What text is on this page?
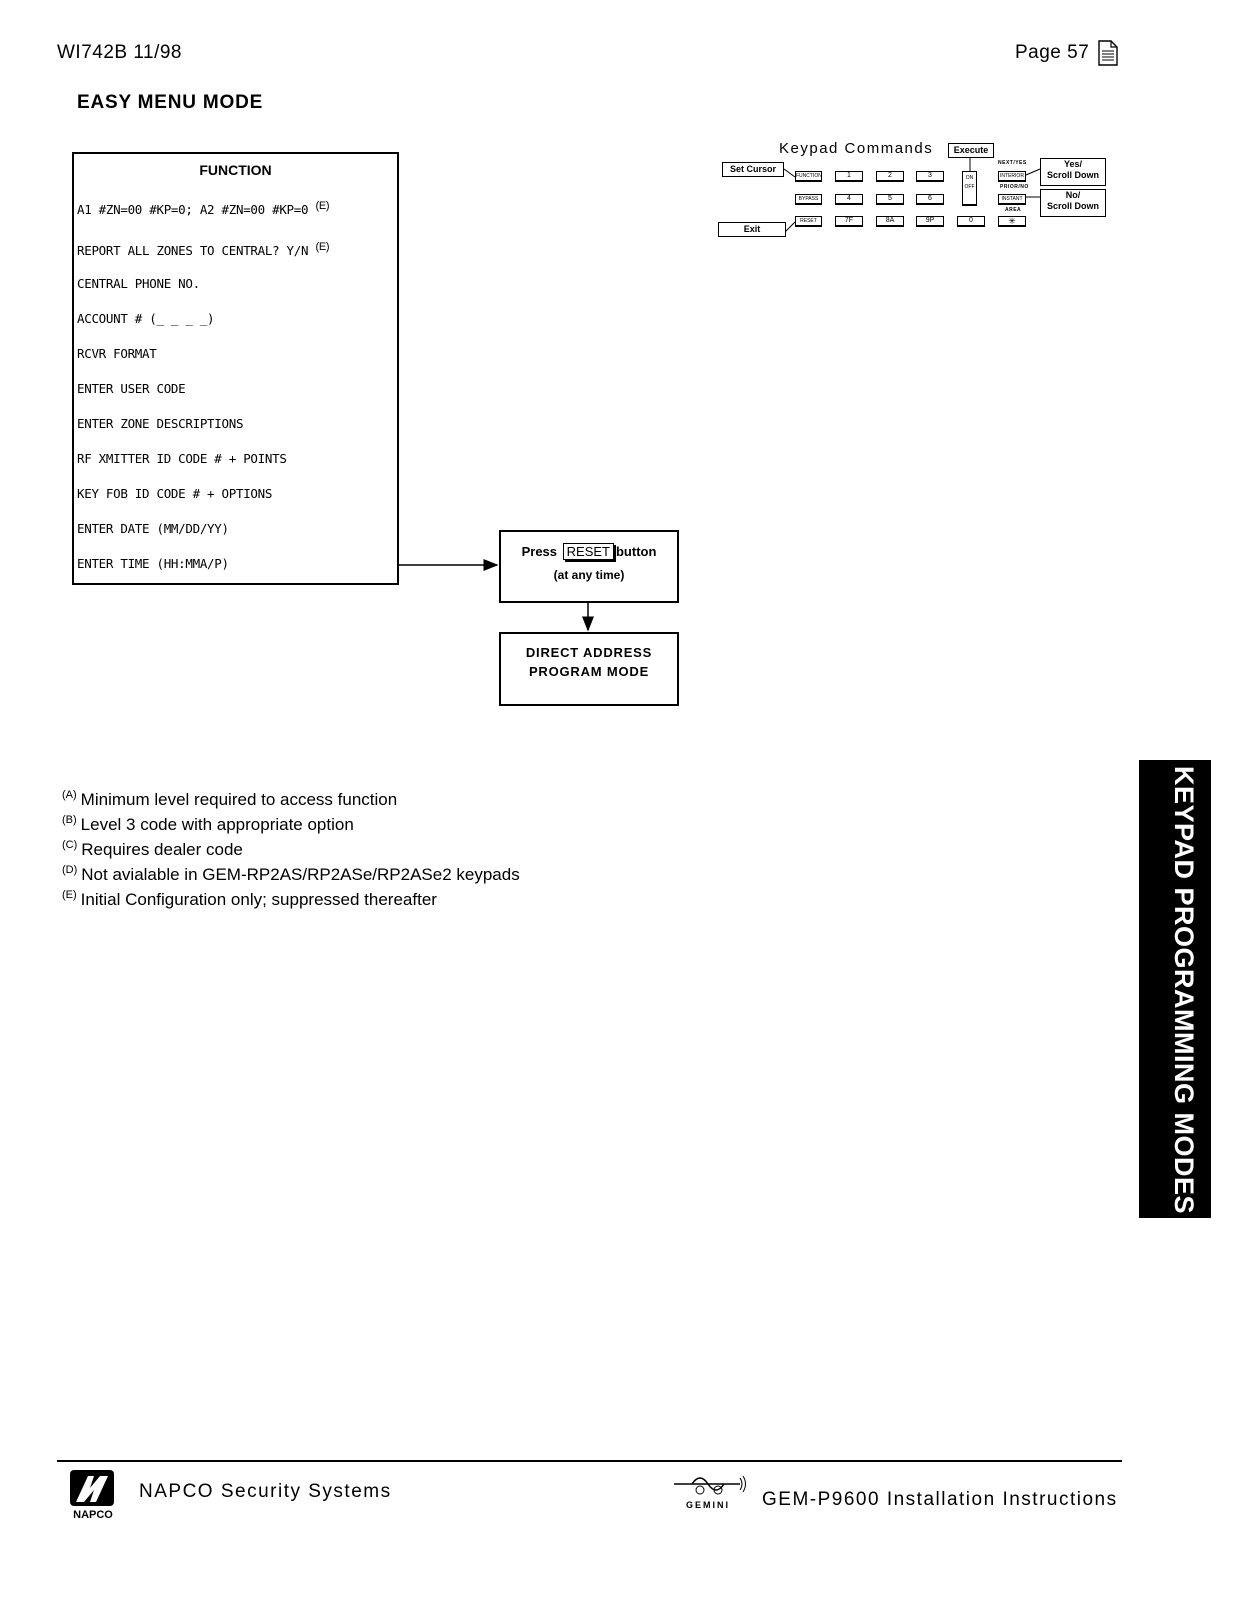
WI742B 11/98	Page 57
EASY MENU MODE
FUNCTION
A1 #ZN=00 #KP=0; A2 #ZN=00 #KP=0 (E)
REPORT ALL ZONES TO CENTRAL? Y/N (E)
CENTRAL PHONE NO.
ACCOUNT # (_ _ _ _)
RCVR FORMAT
ENTER USER CODE
ENTER ZONE DESCRIPTIONS
RF XMITTER ID CODE # + POINTS
KEY FOB ID CODE # + OPTIONS
ENTER DATE (MM/DD/YY)
ENTER TIME (HH:MMA/P)
Press RESET button
(at any time)
DIRECT ADDRESS
PROGRAM MODE
Keypad Commands	Execute
Set Cursor
Exit
Yes/
Scroll Down
No/
Scroll Down
NEXT/YES
PRIOR/NO
AREA
FUNCTION	1	2	3	INTERIOR
BYPASS	4	5	6	INSTANT
RESET	7F	8A	9P	0	✳
ON
OFF
$^{(A)}$ Minimum level required to access function
$^{(B)}$ Level 3 code with appropriate option
$^{(C)}$ Requires dealer code
$^{(D)}$ Not avialable in GEM-RP2AS/RP2ASe/RP2ASe2 keypads
$^{(E)}$ Initial Configuration only; suppressed thereafter	KEYPAD PROGRAMMING MODES
NAPCO
NAPCO Security Systems
GEMINI GEM-P9600 Installation Instructions
